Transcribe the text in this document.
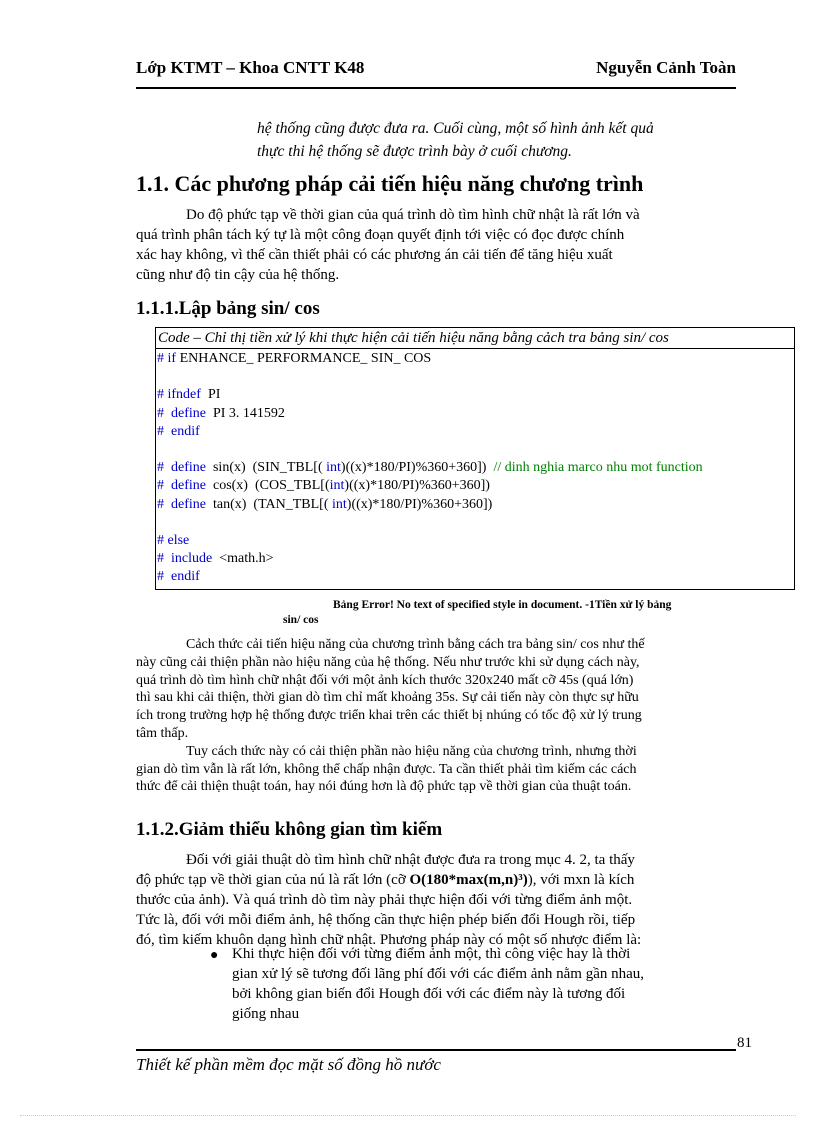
Lớp KTMT – Khoa CNTT K48	Nguyễn Cảnh Toàn
hệ thống cũng được đưa ra. Cuối cùng, một số hình ảnh kết quả
thực thi hệ thống sẽ được trình bày ở cuối chương.
1.1. Các phương pháp cải tiến hiệu năng chương trình
Do độ phức tạp về thời gian của quá trình dò tìm hình chữ nhật là rất lớn và
quá trình phân tách ký tự là một công đoạn quyết định tới việc có đọc được chính
xác hay không, vì thế cần thiết phải có các phương án cải tiến để tăng hiệu xuất
cũng như độ tin cậy của hệ thống.
1.1.1.Lập bảng sin/ cos
Code – Chỉ thị tiền xử lý khi thực hiện cải tiến hiệu năng bằng cảch tra bảng sin/ cos
# if ENHANCE_ PERFORMANCE_ SIN_ COS
# ifndef  PI
#  define  PI 3. 141592
#  endif
#  define  sin(x)  (SIN_TBL[( int)((x)*180/PI)%360+360])  // dinh nghia marco nhu mot function
#  define  cos(x)  (COS_TBL[(int)((x)*180/PI)%360+360])
#  define  tan(x)  (TAN_TBL[( int)((x)*180/PI)%360+360])
# else
#  include  <math.h>
#  endif
Bảng Error! No text of specified style in document. -1Tiền xử lý bảng
sin/ cos
Cảch thức cải tiến hiệu năng của chương trình bằng cách tra bảng sin/ cos như thế
này cũng cải thiện phần nào hiệu năng của hệ thống. Nếu như trước khi sử dụng cách này,
quá trình dò tìm hình chữ nhật đối với một ảnh kích thước 320x240 mất cỡ 45s (quá lớn)
thì sau khi cải thiện, thời gian dò tìm chỉ mất khoảng 35s. Sự cải tiến này còn thực sự hữu
ích trong trường hợp hệ thống được triển khai trên các thiết bị nhúng có tốc độ xử lý trung
tâm thấp.
Tuy cách thức này có cải thiện phần nào hiệu năng của chương trình, nhưng thời
gian dò tìm vẫn là rất lớn, không thể chấp nhận được. Ta cần thiết phải tìm kiếm các cách
thức để cải thiện thuật toán, hay nói đúng hơn là độ phức tạp về thời gian của thuật toán.
1.1.2.Giảm thiểu không gian tìm kiếm
Đối với giải thuật dò tìm hình chữ nhật được đưa ra trong mục 4. 2, ta thấy
độ phức tạp về thời gian của nú là rất lớn (cỡ O(180*max(m,n)³)), với mxn là kích
thước của ảnh). Và quá trình dò tìm này phải thực hiện đối với từng điểm ảnh một.
Tức là, đối với mỗi điểm ảnh, hệ thống cần thực hiện phép biến đổi Hough rồi, tiếp
đó, tìm kiếm khuôn dạng hình chữ nhật. Phương pháp này có một số nhược điểm là:
● Khi thực hiện đối với từng điểm ảnh một, thì công việc hay là thời
gian xử lý sẽ tương đối lãng phí đối với các điểm ảnh nằm gần nhau,
bởi không gian biến đổi Hough đối với các điểm này là tương đối
giống nhau
81
Thiết kế phần mềm đọc mặt số đồng hồ nước
